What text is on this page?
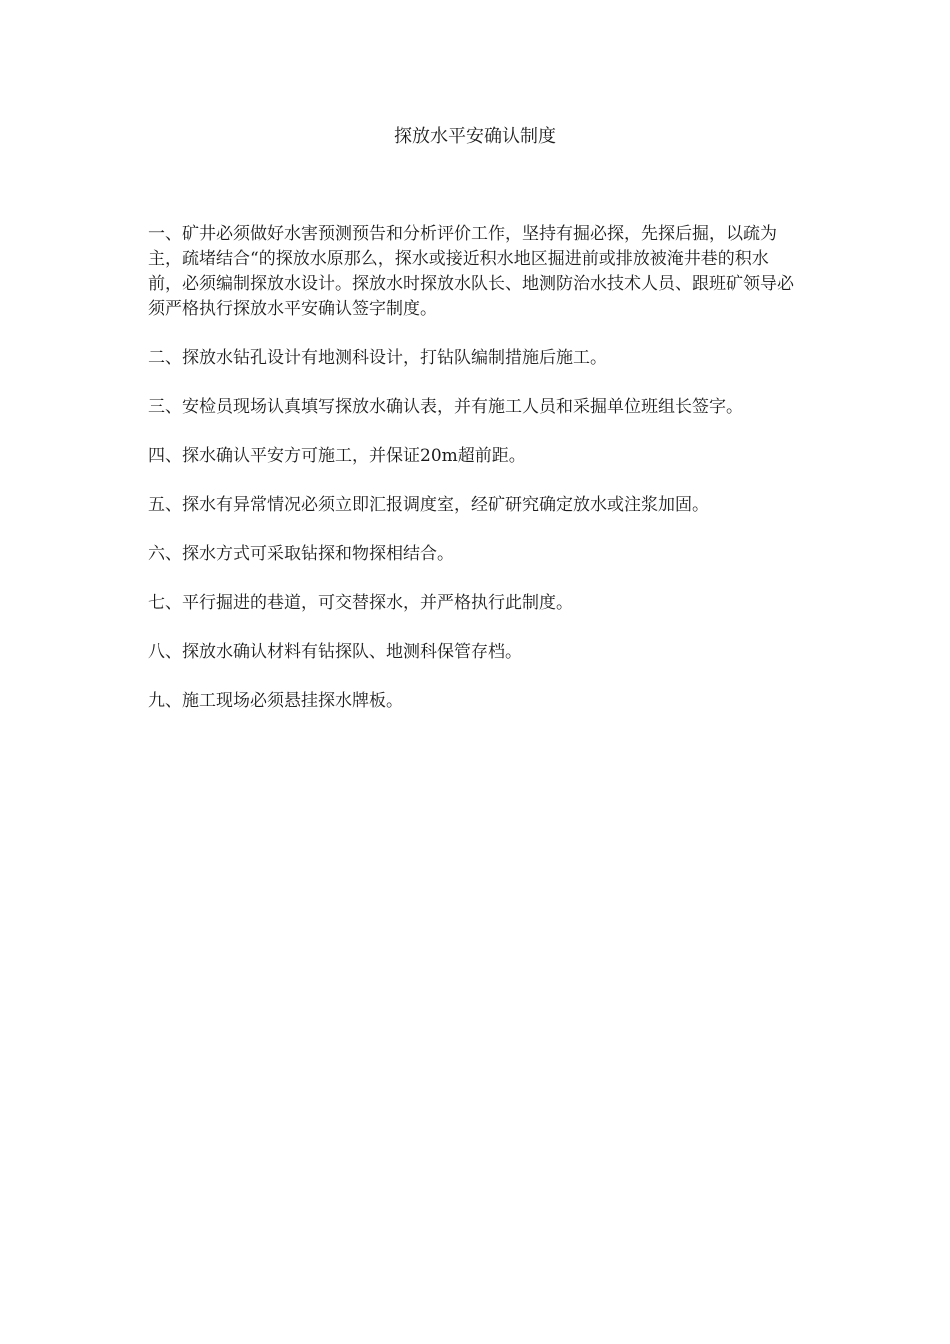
探放水平安确认制度

一、矿井必须做好水害预测预告和分析评价工作，坚持有掘必探，先探后掘，以疏为主，疏堵结合“的探放水原那么，探水或接近积水地区掘进前或排放被淹井巷的积水前，必须编制探放水设计。探放水时探放水队长、地测防治水技术人员、跟班矿领导必须严格执行探放水平安确认签字制度。

二、探放水钻孔设计有地测科设计，打钻队编制措施后施工。

三、安检员现场认真填写探放水确认表，并有施工人员和采掘单位班组长签字。

四、探水确认平安方可施工，并保证20m超前距。

五、探水有异常情况必须立即汇报调度室，经矿研究确定放水或注浆加固。

六、探水方式可采取钻探和物探相结合。

七、平行掘进的巷道，可交替探水，并严格执行此制度。

八、探放水确认材料有钻探队、地测科保管存档。

九、施工现场必须悬挂探水牌板。
